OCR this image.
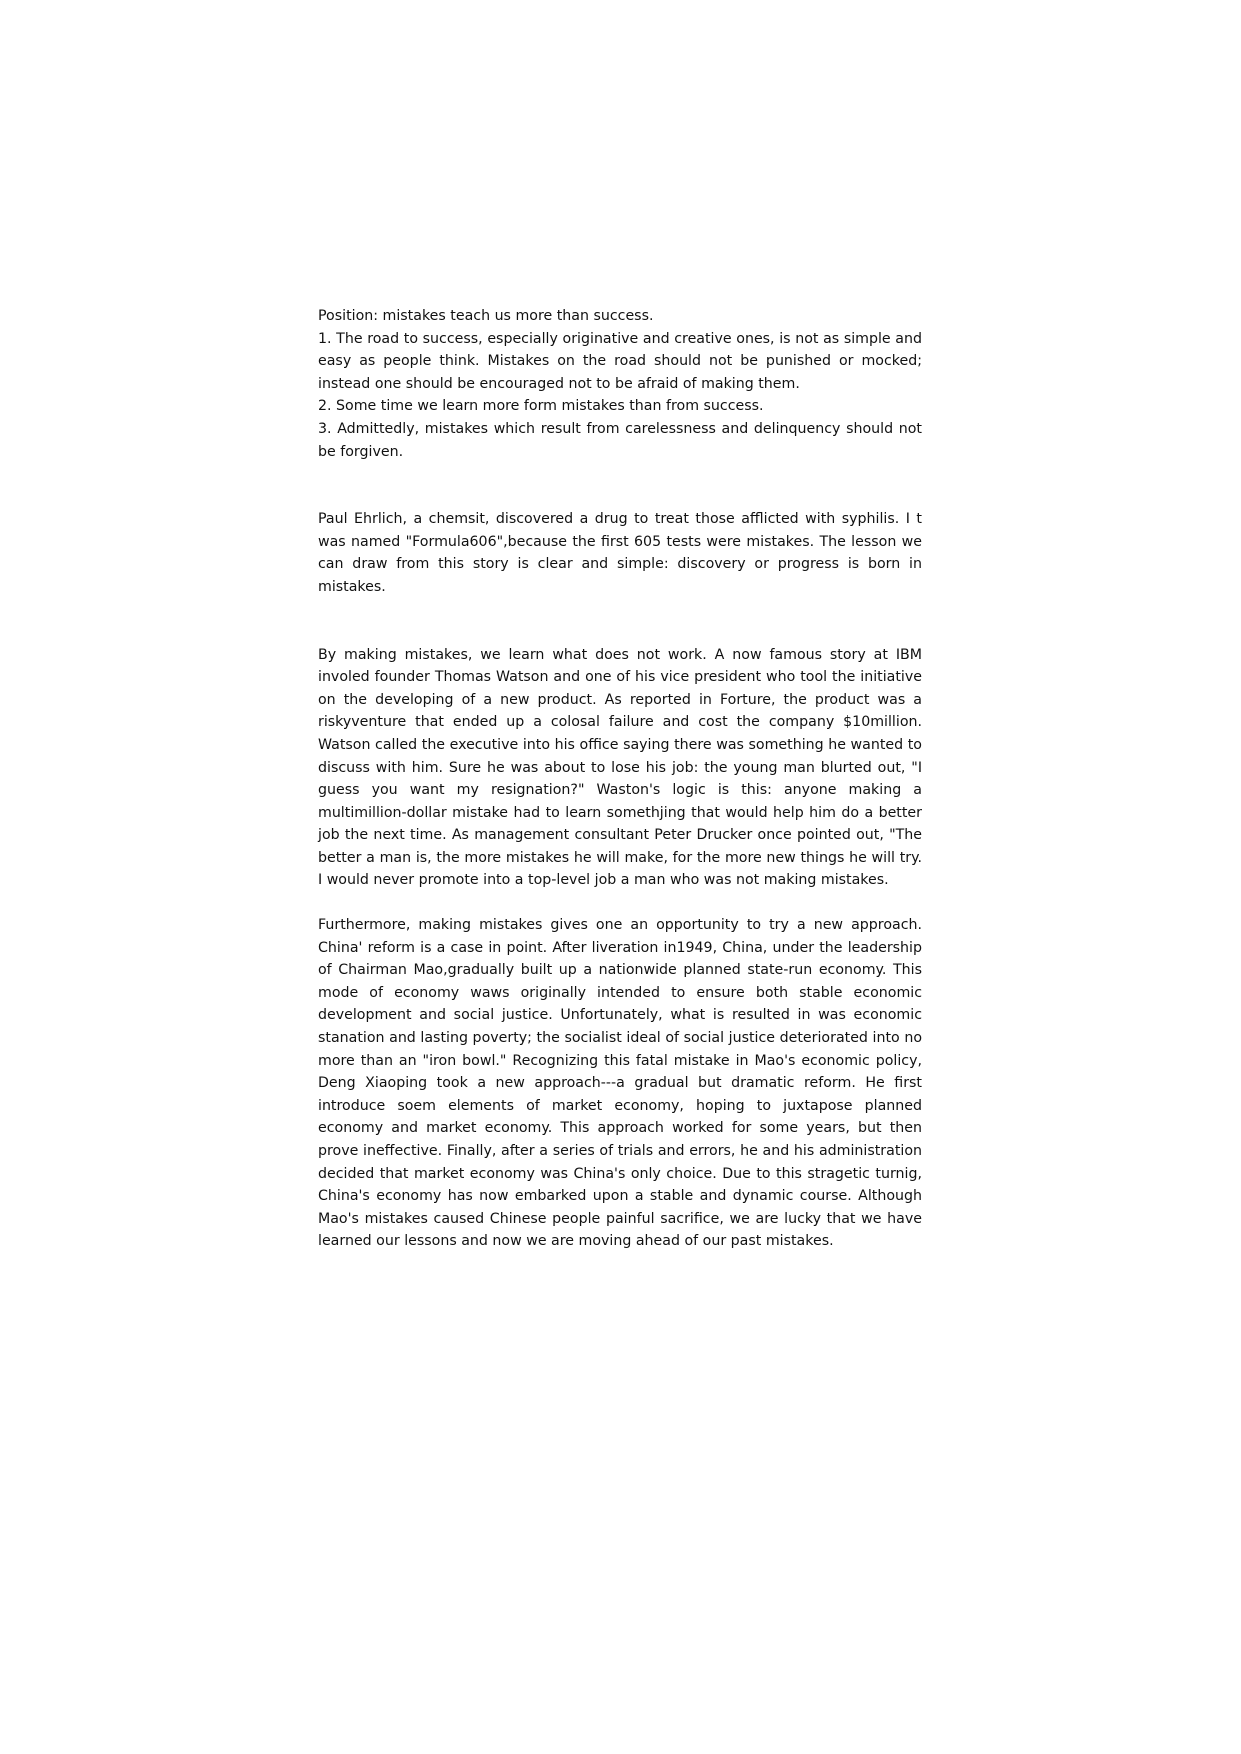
Position: mistakes teach us more than success.

1. The road to success, especially originative and creative ones, is not as simple and easy as people think. Mistakes on the road should not be punished or mocked; instead one should be encouraged not to be afraid of making them.

2. Some time we learn more form mistakes than from success.

3. Admittedly, mistakes which result from carelessness and delinquency should not be forgiven.

Paul Ehrlich, a chemsit, discovered a drug to treat those afflicted with syphilis. I t was named "Formula606",because the first 605 tests were mistakes. The lesson we can draw from this story is clear and simple: discovery or progress is born in mistakes.

By making mistakes, we learn what does not work. A now famous story at IBM involed founder Thomas Watson and one of his vice president who tool the initiative on the developing of a new product. As reported in Forture, the product was a riskyventure that ended up a colosal failure and cost the company $10million. Watson called the executive into his office saying there was something he wanted to discuss with him. Sure he was about to lose his job: the young man blurted out, "I guess you want my resignation?" Waston's logic is this: anyone making a multimillion-dollar mistake had to learn somethjing that would help him do a better job the next time. As management consultant Peter Drucker once pointed out, "The better a man is, the more mistakes he will make, for the more new things he will try. I would never promote into a top-level job a man who was not making mistakes.

Furthermore, making mistakes gives one an opportunity to try a new approach. China' reform is a case in point. After liveration in1949, China, under the leadership of Chairman Mao,gradually built up a nationwide planned state-run economy. This mode of economy waws originally intended to ensure both stable economic development and social justice. Unfortunately, what is resulted in was economic stanation and lasting poverty; the socialist ideal of social justice deteriorated into no more than an "iron bowl." Recognizing this fatal mistake in Mao's economic policy, Deng Xiaoping took a new approach---a gradual but dramatic reform. He first introduce soem elements of market economy, hoping to juxtapose planned economy and market economy. This approach worked for some years, but then prove ineffective. Finally, after a series of trials and errors, he and his administration decided that market economy was China's only choice. Due to this stragetic turnig, China's economy has now embarked upon a stable and dynamic course. Although Mao's mistakes caused Chinese people painful sacrifice, we are lucky that we have learned our lessons and now we are moving ahead of our past mistakes.
